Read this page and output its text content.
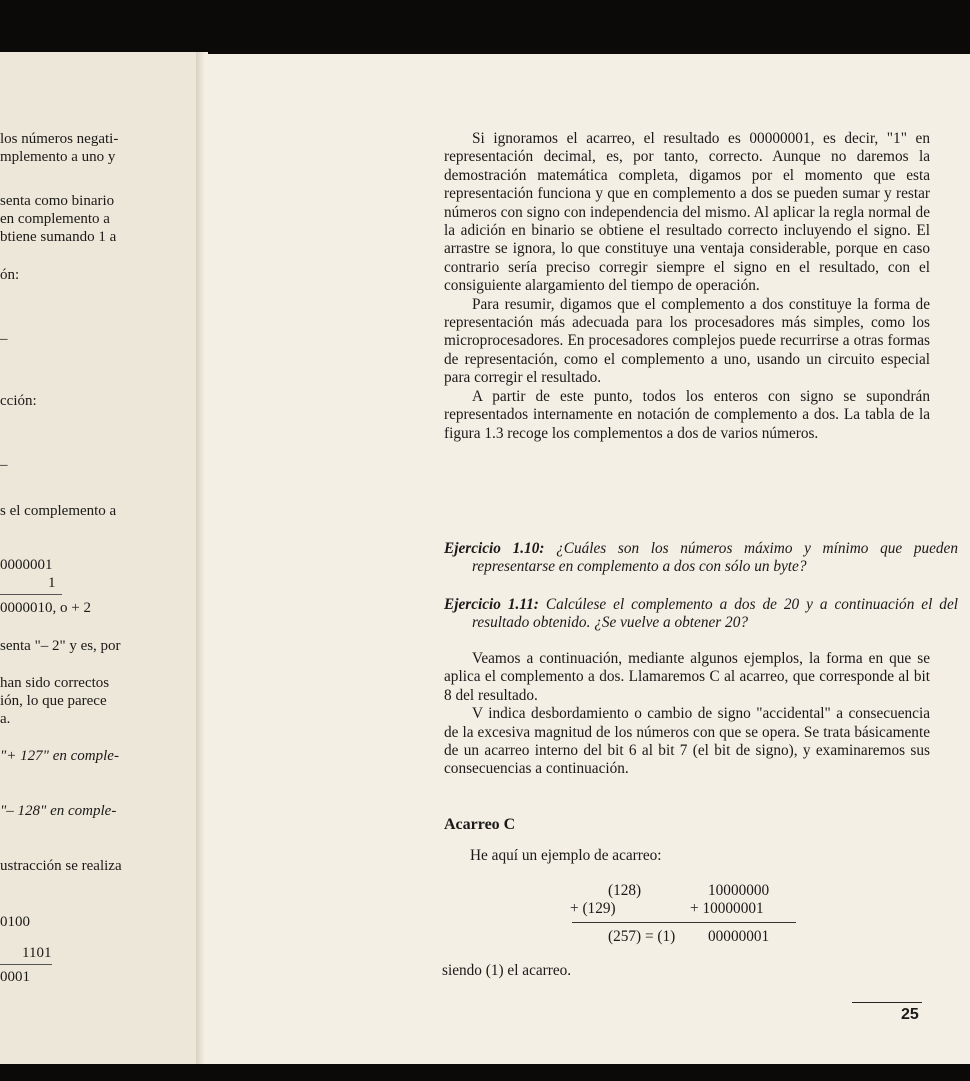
los números negati-
mplemento a uno y
senta como binario
en complemento a
btiene sumando 1 a
ón:
–
cción:
–
s el complemento a
0000001
1
0000010, o + 2
senta "– 2" y es, por
han sido correctos
ión, lo que parece
a.
"+ 127" en comple-
"– 128" en comple-
ustracción se realiza
0100
1101
0001

Si ignoramos el acarreo, el resultado es 00000001, es decir, "1" en representación decimal, es, por tanto, correcto. Aunque no daremos la demostración matemática completa, digamos por el momento que esta representación funciona y que en complemento a dos se pueden sumar y restar números con signo con independencia del mismo. Al aplicar la regla normal de la adición en binario se obtiene el resultado correcto incluyendo el signo. El arrastre se ignora, lo que constituye una ventaja considerable, porque en caso contrario sería preciso corregir siempre el signo en el resultado, con el consiguiente alargamiento del tiempo de operación.

Para resumir, digamos que el complemento a dos constituye la forma de representación más adecuada para los procesadores más simples, como los microprocesadores. En procesadores complejos puede recurrirse a otras formas de representación, como el complemento a uno, usando un circuito especial para corregir el resultado.

A partir de este punto, todos los enteros con signo se supondrán representados internamente en notación de complemento a dos. La tabla de la figura 1.3 recoge los complementos a dos de varios números.

Ejercicio 1.10: ¿Cuáles son los números máximo y mínimo que pueden representarse en complemento a dos con sólo un byte?

Ejercicio 1.11: Calcúlese el complemento a dos de 20 y a continuación el del resultado obtenido. ¿Se vuelve a obtener 20?

Veamos a continuación, mediante algunos ejemplos, la forma en que se aplica el complemento a dos. Llamaremos C al acarreo, que corresponde al bit 8 del resultado.

V indica desbordamiento o cambio de signo "accidental" a consecuencia de la excesiva magnitud de los números con que se opera. Se trata básicamente de un acarreo interno del bit 6 al bit 7 (el bit de signo), y examinaremos sus consecuencias a continuación.

Acarreo C
He aquí un ejemplo de acarreo:
(128)
+ (129)
10000000
+ 10000001
(257) = (1) 00000001
siendo (1) el acarreo.
25
